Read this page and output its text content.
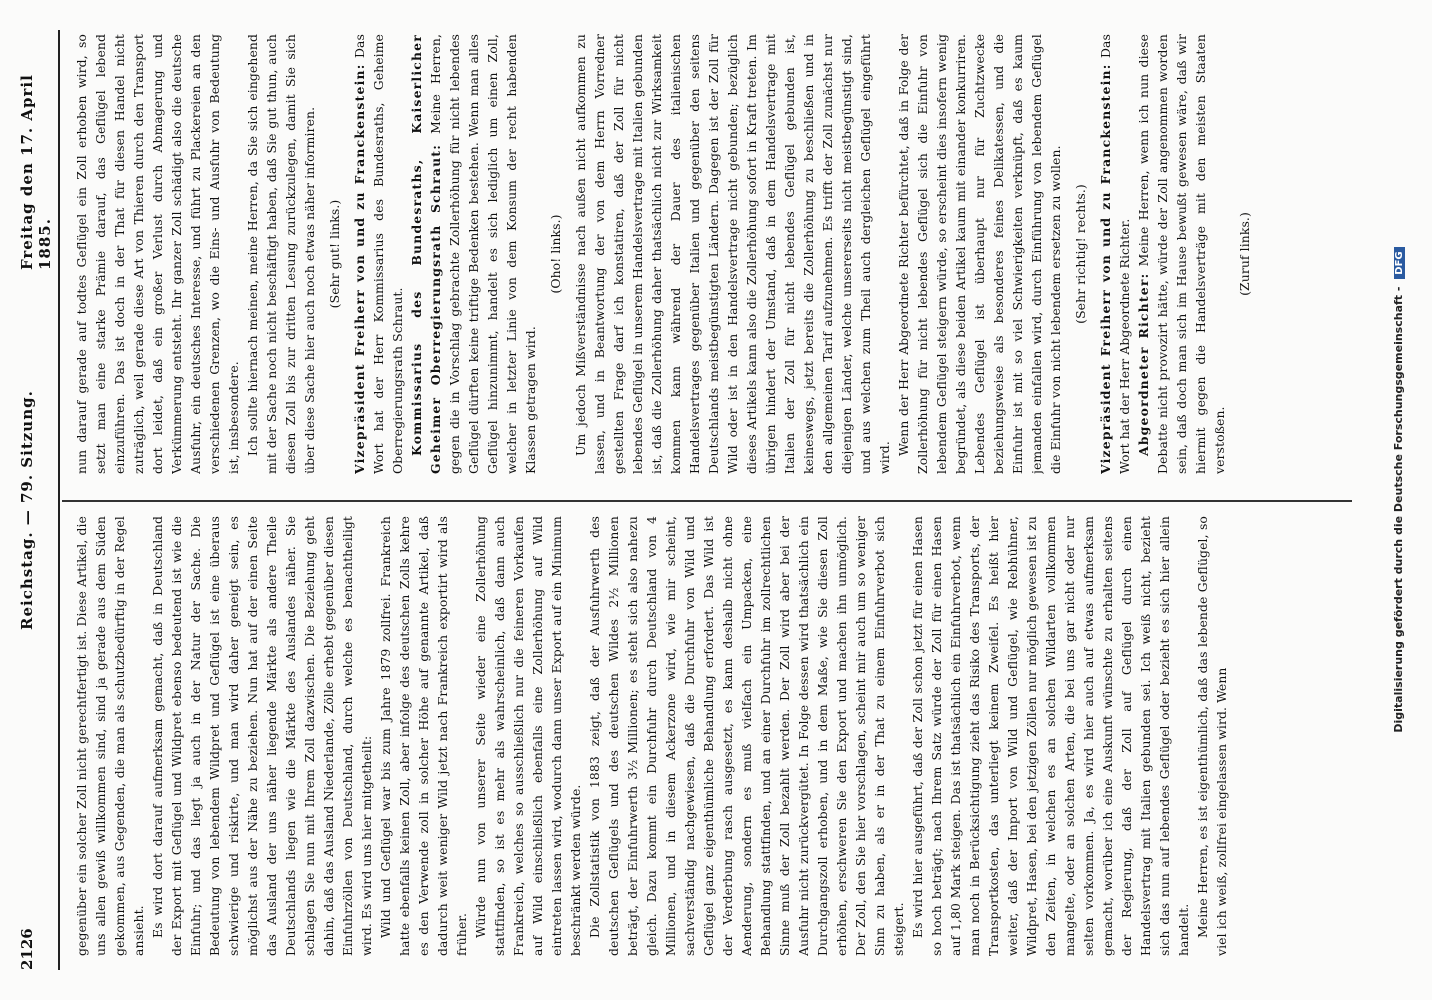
2126
Reichstag. — 79. Sitzung.
Freitag den 17. April 1885.

gegenüber ein solcher Zoll nicht gerechtfertigt ist. Diese Artikel, die uns allen gewiß willkommen sind, sind ja gerade aus dem Süden gekommen, aus Gegenden, die man als schutzbedürftig in der Regel ansieht. Es wird dort darauf aufmerksam gemacht, daß in Deutschland der Export mit Geflügel und Wildpret ebenso bedeutend ist wie die Einfuhr; und das liegt ja auch in der Natur der Sache. Die Bedeutung von lebendem Wildpret und Geflügel ist eine überaus schwierige und riskirte, und man wird daher geneigt sein, es möglichst aus der Nähe zu beziehen. Nun hat auf der einen Seite das Ausland der uns näher liegende Märkte als andere Theile Deutschlands liegen wie die Märkte des Auslandes näher. Sie schlagen Sie nun mit Ihrem Zoll dazwischen. Die Beziehung geht dahin, daß das Ausland Niederlande, Zölle erhebt gegenüber diesen Einfuhrzöllen von Deutschland, durch welche es benachtheiligt wird. Es wird uns hier mitgetheilt: Wild und Geflügel war bis zum Jahre 1879 zollfrei. Frankreich hatte ebenfalls keinen Zoll, aber infolge des deutschen Zolls kehre es den Verwende zoll in solcher Höhe auf genannte Artikel, daß dadurch weit weniger Wild jetzt nach Frankreich exportirt wird als früher. Würde nun von unserer Seite wieder eine Zollerhöhung stattfinden, so ist es mehr als wahrscheinlich, daß dann auch Frankreich, welches so ausschließlich nur die feineren Vorkaufen auf Wild einschließlich ebenfalls eine Zollerhöhung auf Wild eintreten lassen wird, wodurch dann unser Export auf ein Minimum beschränkt werden würde. Die Zollstatistik von 1883 zeigt, daß der Ausfuhrwerth des deutschen Geflügels und des deutschen Wildes 2½ Millionen beträgt, der Einfuhrwerth 3½ Millionen; es steht sich also nahezu gleich. Dazu kommt ein Durchfuhr durch Deutschland von 4 Millionen, und in diesem Ackerzone wird, wie mir scheint, sachverständig nachgewiesen, daß die Durchfuhr von Wild und Geflügel ganz eigenthümliche Behandlung erfordert. Das Wild ist der Verderbung rasch ausgesetzt, es kann deshalb nicht ohne Aenderung, sondern es muß vielfach ein Umpacken, eine Behandlung stattfinden, und an einer Durchfuhr im zollrechtlichen Sinne muß der Zoll bezahlt werden. Der Zoll wird aber bei der Ausfuhr nicht zurückvergütet. In Folge dessen wird thatsächlich ein Durchgangszoll erhoben, und in dem Maße, wie Sie diesen Zoll erhöhen, erschweren Sie den Export und machen ihn unmöglich. Der Zoll, den Sie hier vorschlagen, scheint mir auch um so weniger Sinn zu haben, als er in der That zu einem Einfuhrverbot sich steigert. Es wird hier ausgeführt, daß der Zoll schon jetzt für einen Hasen so hoch beträgt; nach Ihrem Satz würde der Zoll für einen Hasen auf 1,80 Mark steigen. Das ist thatsächlich ein Einfuhrverbot, wenn man noch in Berücksichtigung zieht das Risiko des Transports, der Transportkosten, das unterliegt keinem Zweifel. Es heißt hier weiter, daß der Import von Wild und Geflügel, wie Rebhühner, Wildpret, Hasen, bei den jetzigen Zöllen nur möglich gewesen ist zu den Zeiten, in welchen es an solchen Wildarten vollkommen mangelte, oder an solchen Arten, die bei uns gar nicht oder nur selten vorkommen. Ja, es wird hier auch auf etwas aufmerksam gemacht, worüber ich eine Auskunft wünschte zu erhalten seitens der Regierung, daß der Zoll auf Geflügel durch einen Handelsvertrag mit Italien gebunden sei. Ich weiß nicht, bezieht sich das nun auf lebendes Geflügel oder bezieht es sich hier allein handelt. Meine Herren, es ist eigenthümlich, daß das lebende Geflügel, so viel ich weiß, zollfrei eingelassen wird. Wenn

nun darauf gerade auf todtes Geflügel ein Zoll erhoben wird, so setzt man eine starke Prämie darauf, das Geflügel lebend einzuführen. Das ist doch in der That für diesen Handel nicht zuträglich, weil gerade diese Art von Thieren durch den Transport dort leidet, daß ein großer Verlust durch Abmagerung und Verkümmerung entsteht. Ihr ganzer Zoll schädigt also die deutsche Ausfuhr, ein deutsches Interesse, und führt zu Plackereien an den verschiedenen Grenzen, wo die Eins- und Ausfuhr von Bedeutung ist, insbesondere. Ich sollte hiernach meinen, meine Herren, da Sie sich eingehend mit der Sache noch nicht beschäftigt haben, daß Sie gut thun, auch diesen Zoll bis zur dritten Lesung zurückzulegen, damit Sie sich über diese Sache hier auch noch etwas näher informiren. (Sehr gut! links.) Vizepräsident Freiherr von und zu Franckenstein: Das Wort hat der Herr Kommissarius des Bundesraths, Geheime Oberregierungsrath Schraut. Kommissarius des Bundesraths, Kaiserlicher Geheimer Oberregierungsrath Schraut: Meine Herren, gegen die in Vorschlag gebrachte Zollerhöhung für nicht lebendes Geflügel dürften keine triftige Bedenken bestehen. Wenn man alles Geflügel hinzunimmt, handelt es sich lediglich um einen Zoll, welcher in letzter Linie von dem Konsum der recht habenden Klassen getragen wird.

(Oho! links.) Um jedoch Mißverständnisse nach außen nicht aufkommen zu lassen, und in Beantwortung der von dem Herrn Vorredner gestellten Frage darf ich konstatiren, daß der Zoll für nicht lebendes Geflügel in unserem Handelsvertrage mit Italien gebunden ist, daß die Zollerhöhung daher thatsächlich nicht zur Wirksamkeit kommen kann während der Dauer des italienischen Handelsvertrages gegenüber Italien und gegenüber den seitens Deutschlands meistbegünstigten Ländern. Dagegen ist der Zoll für Wild oder ist in den Handelsvertrage nicht gebunden; bezüglich dieses Artikels kann also die Zollerhöhung sofort in Kraft treten. Im übrigen hindert der Umstand, daß in dem Handelsvertrage mit Italien der Zoll für nicht lebendes Geflügel gebunden ist, keineswegs, jetzt bereits die Zollerhöhung zu beschließen und in den allgemeinen Tarif aufzunehmen. Es trifft der Zoll zunächst nur diejenigen Länder, welche unsererseits nicht meistbegünstigt sind, und aus welchen zum Theil auch dergleichen Geflügel eingeführt wird.

Wenn der Herr Abgeordnete Richter befürchtet, daß in Folge der Zollerhöhung für nicht lebendes Geflügel sich die Einfuhr von lebendem Geflügel steigern würde, so erscheint dies insofern wenig begründet, als diese beiden Artikel kaum mit einander konkurriren. Lebendes Geflügel ist überhaupt nur für Zuchtzwecke beziehungsweise als besonderes feines Delikatessen, und die Einfuhr ist mit so viel Schwierigkeiten verknüpft, daß es kaum jemanden einfallen wird, durch Einführung von lebendem Geflügel die Einfuhr von nicht lebendem ersetzen zu wollen. (Sehr richtig! rechts.) Vizepräsident Freiherr von und zu Franckenstein: Das Wort hat der Herr Abgeordnete Richter. Abgeordneter Richter: Meine Herren, wenn ich nun diese Debatte nicht provozirt hätte, würde der Zoll angenommen worden sein, daß doch man sich im Hause bewußt gewesen wäre, daß wir hiermit gegen die Handelsverträge mit den meisten Staaten verstoßen.

(Zuruf links.)

Digitalisierung gefördert durch die Deutsche Forschungsgemeinschaft - DFG
